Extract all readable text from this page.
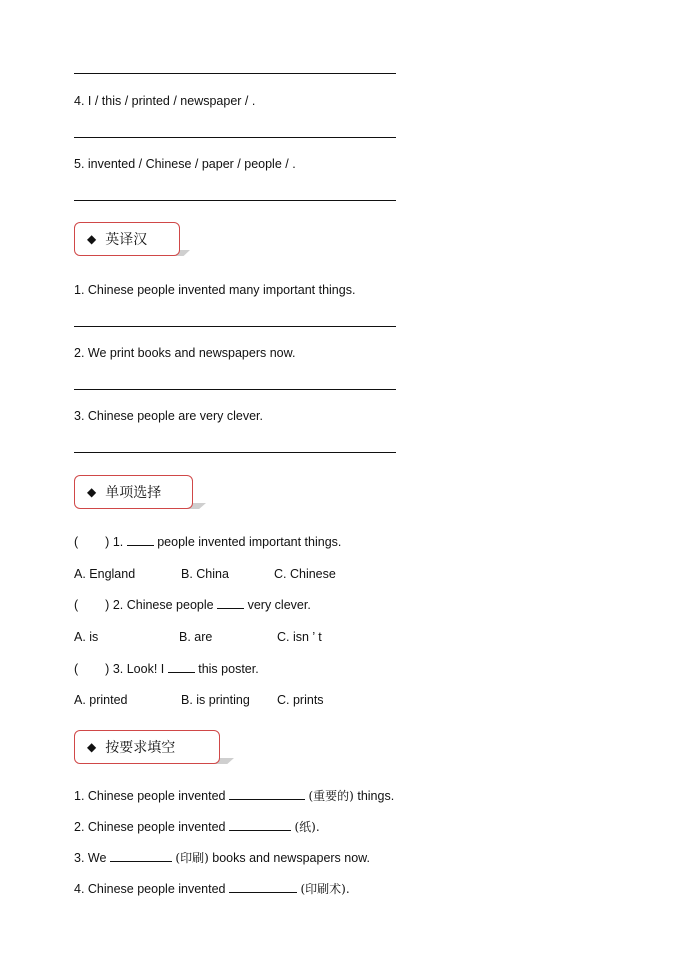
4. I / this / printed / newspaper / .
5. invented / Chinese / paper / people / .
◆ 英译汉
1. Chinese people invented many important things.
2. We print books and newspapers now.
3. Chinese people are very clever.
◆ 单项选择
( ) 1.	people invented important things.
A. England	B. China	C. Chinese
( ) 2. Chinese people	very clever.
A. is	B. are	C. isn ’ t
( ) 3. Look! I	this poster.
A. printed	B. is printing C. prints
◆ 按要求填空
1. Chinese people invented	(重要的) things.
2. Chinese people invented	(纸).
3. We	(印刷) books and newspapers now.
4. Chinese people invented	(印刷术).
